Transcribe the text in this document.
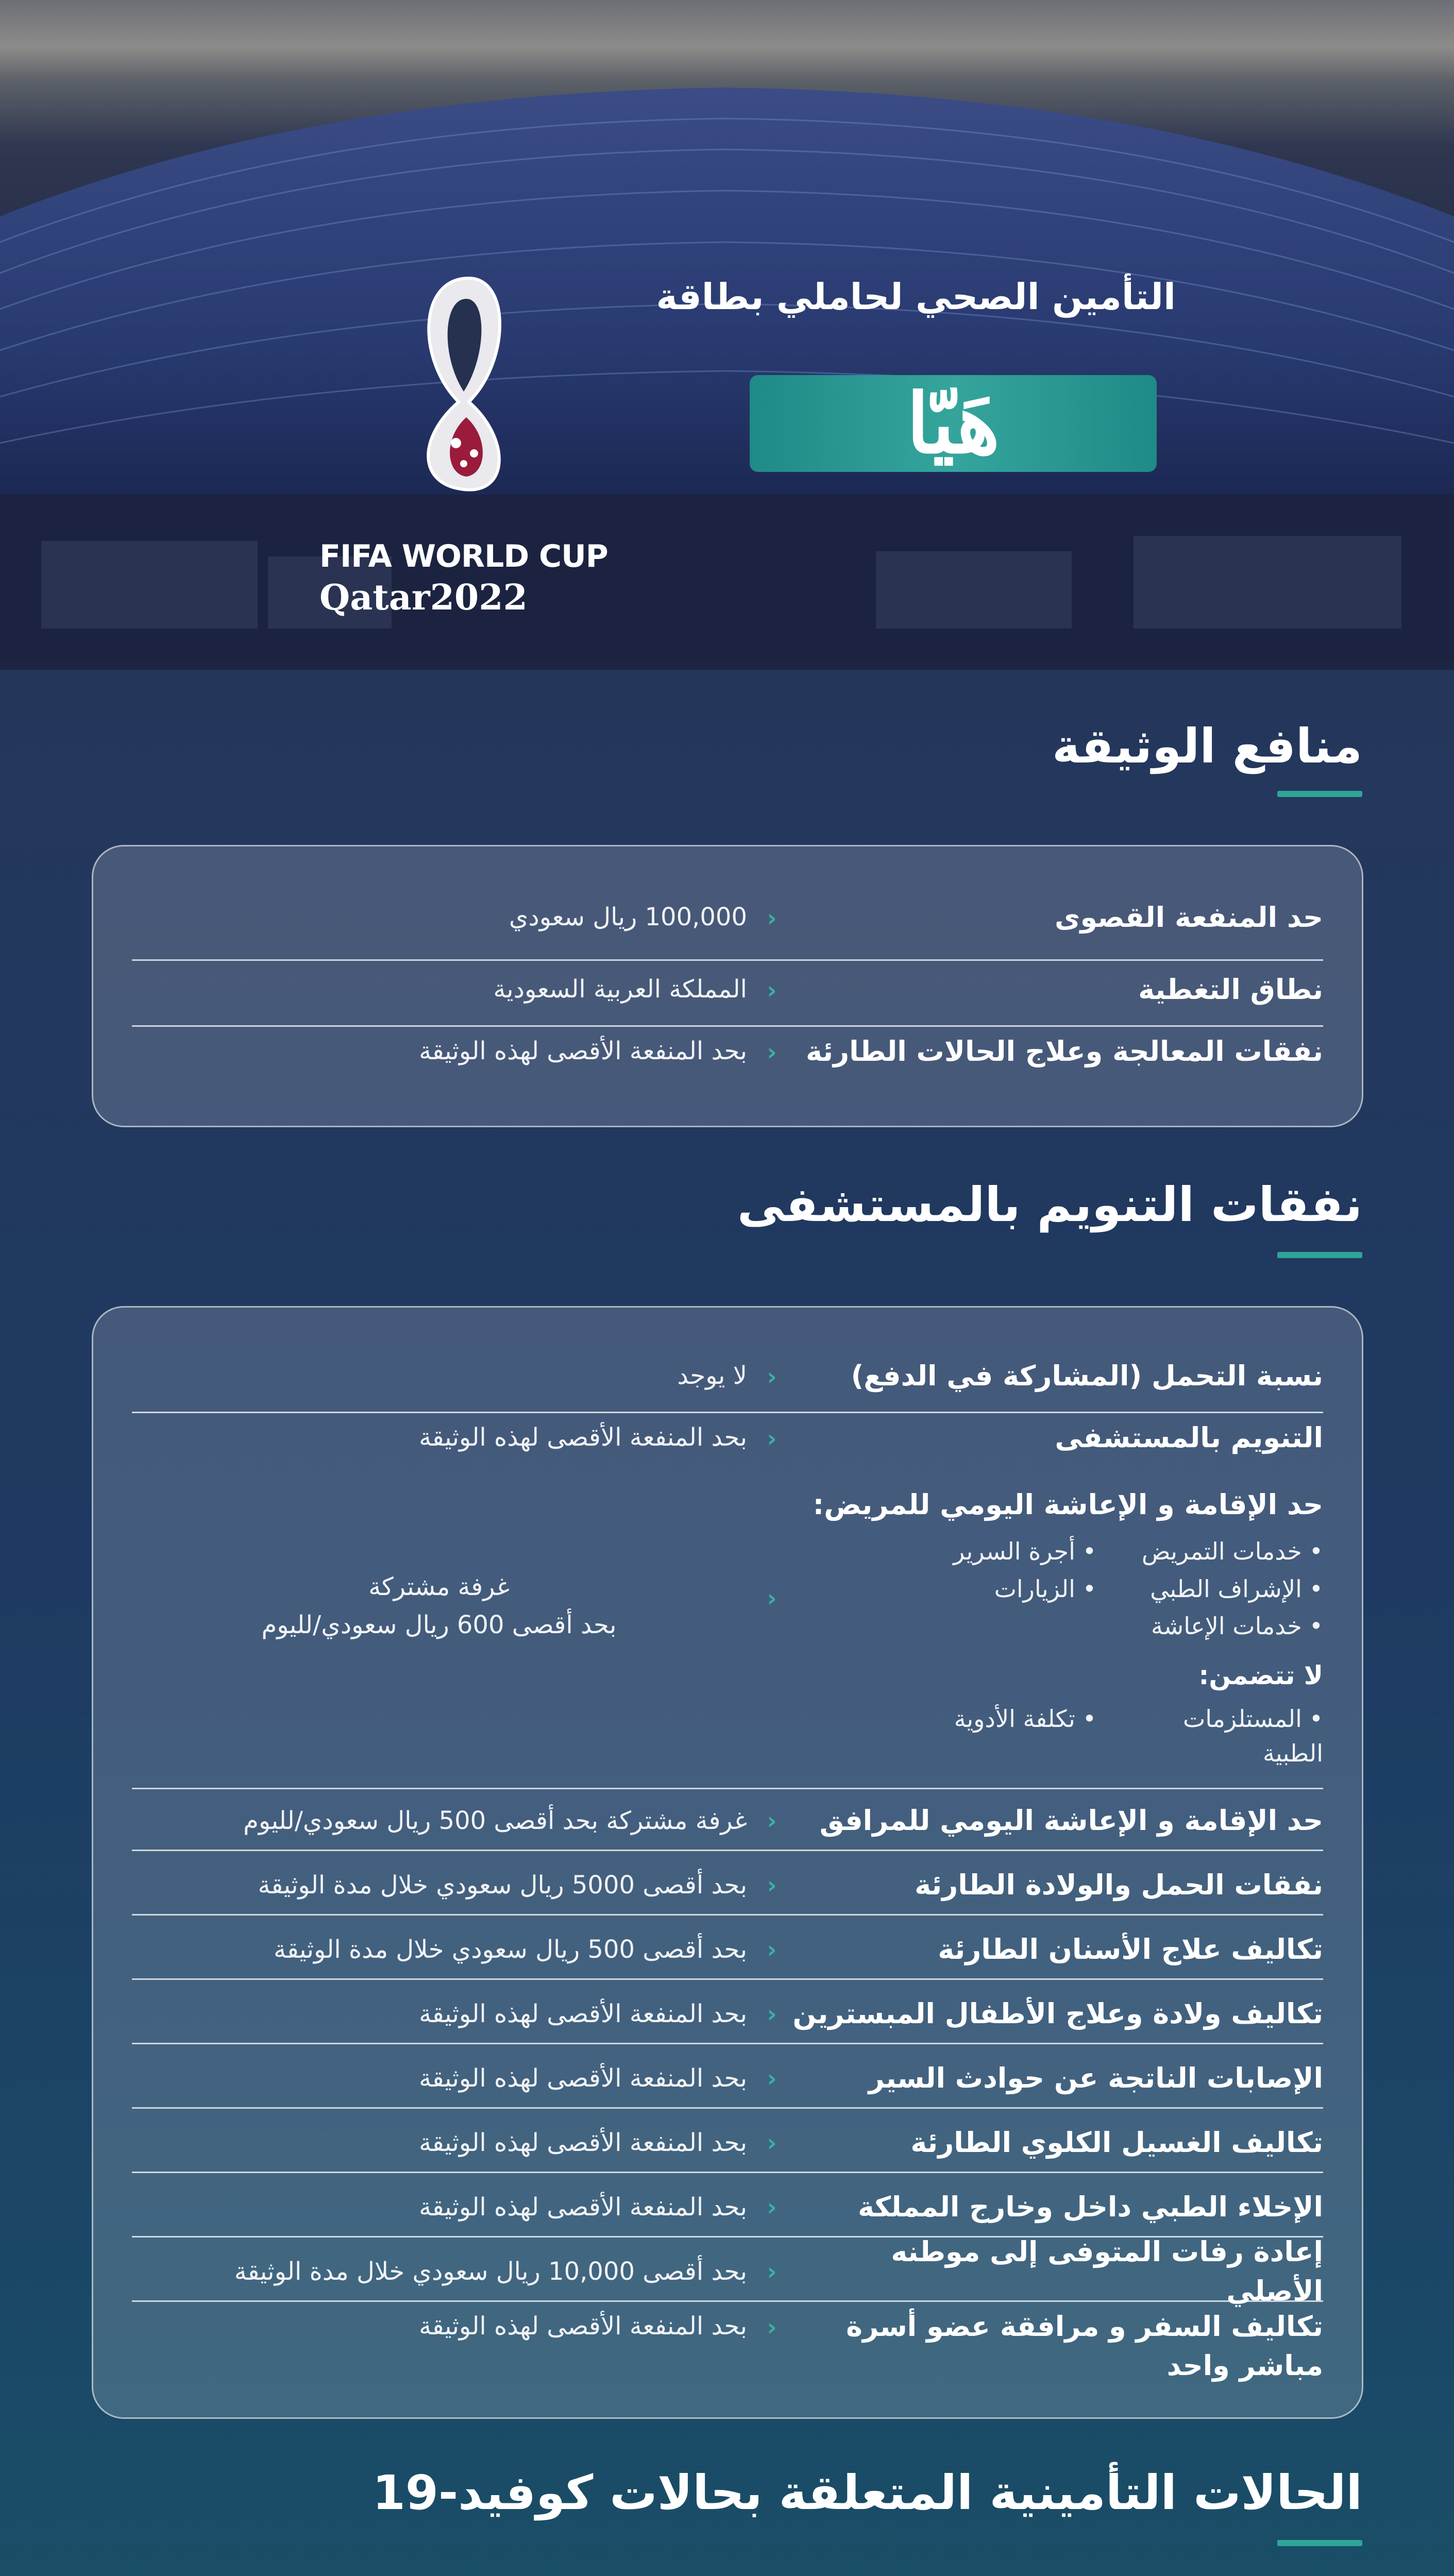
FIFA WORLD CUP
Qatar2022
التأمين الصحي لحاملي بطاقة
هَيّا
منافع الوثيقة
حد المنفعة القصوى
‹
100,000 ريال سعودي
نطاق التغطية
‹
المملكة العربية السعودية
نفقات المعالجة وعلاج الحالات الطارئة
‹
بحد المنفعة الأقصى لهذه الوثيقة
نفقات التنويم بالمستشفى
نسبة التحمل (المشاركة في الدفع)
‹
لا يوجد
التنويم بالمستشفى
‹
بحد المنفعة الأقصى لهذه الوثيقة
حد الإقامة و الإعاشة اليومي للمريض:
• خدمات التمريض
• أجرة السرير
• الإشراف الطبي
• الزيارات
• خدمات الإعاشة
لا تتضمن:
• المستلزمات الطبية
• تكلفة الأدوية
‹
غرفة مشتركة
بحد أقصى 600 ريال سعودي/لليوم
حد الإقامة و الإعاشة اليومي للمرافق
‹
غرفة مشتركة بحد أقصى 500 ريال سعودي/لليوم
نفقات الحمل والولادة الطارئة
‹
بحد أقصى 5000 ريال سعودي خلال مدة الوثيقة
تكاليف علاج الأسنان الطارئة
‹
بحد أقصى 500 ريال سعودي خلال مدة الوثيقة
تكاليف ولادة وعلاج الأطفال المبسترين
‹
بحد المنفعة الأقصى لهذه الوثيقة
الإصابات الناتجة عن حوادث السير
‹
بحد المنفعة الأقصى لهذه الوثيقة
تكاليف الغسيل الكلوي الطارئة
‹
بحد المنفعة الأقصى لهذه الوثيقة
الإخلاء الطبي داخل وخارج المملكة
‹
بحد المنفعة الأقصى لهذه الوثيقة
إعادة رفات المتوفى إلى موطنه الأصلي
‹
بحد أقصى 10,000 ريال سعودي خلال مدة الوثيقة
تكاليف السفر و مرافقة عضو أسرة مباشر واحد
‹
بحد المنفعة الأقصى لهذه الوثيقة
الحالات التأمينية المتعلقة بحالات كوفيد-19
